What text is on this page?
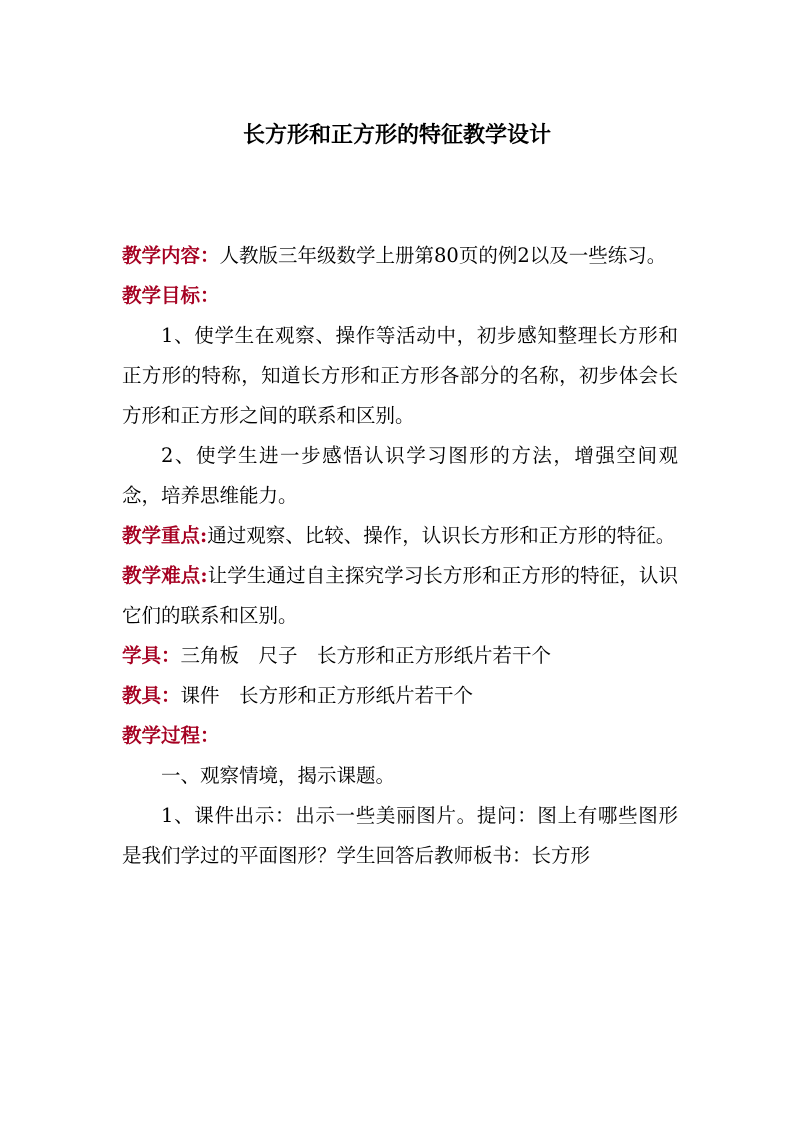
长方形和正方形的特征教学设计

教学内容：人教版三年级数学上册第80页的例2以及一些练习。

教学目标：

1、使学生在观察、操作等活动中，初步感知整理长方形和正方形的特称，知道长方形和正方形各部分的名称，初步体会长方形和正方形之间的联系和区别。

2、使学生进一步感悟认识学习图形的方法，增强空间观念，培养思维能力。

教学重点:通过观察、比较、操作，认识长方形和正方形的特征。

教学难点:让学生通过自主探究学习长方形和正方形的特征，认识它们的联系和区别。

学具：三角板　尺子　长方形和正方形纸片若干个

教具：课件　长方形和正方形纸片若干个

教学过程：

一、观察情境，揭示课题。

1、课件出示：出示一些美丽图片。提问：图上有哪些图形是我们学过的平面图形？学生回答后教师板书：长方形
